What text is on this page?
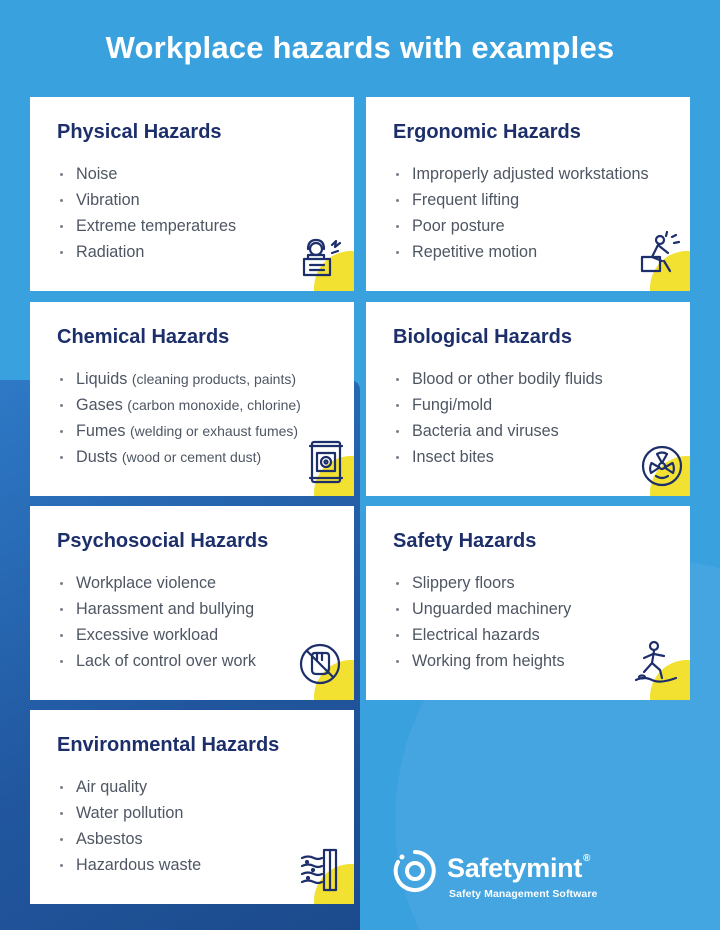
Workplace hazards with examples
Physical Hazards
Noise
Vibration
Extreme temperatures
Radiation
Ergonomic Hazards
Improperly adjusted workstations
Frequent lifting
Poor posture
Repetitive motion
Chemical Hazards
Liquids (cleaning products, paints)
Gases (carbon monoxide, chlorine)
Fumes (welding or exhaust fumes)
Dusts (wood or cement dust)
Biological Hazards
Blood or other bodily fluids
Fungi/mold
Bacteria and viruses
Insect bites
Psychosocial Hazards
Workplace violence
Harassment and bullying
Excessive workload
Lack of control over work
Safety Hazards
Slippery floors
Unguarded machinery
Electrical hazards
Working from heights
Environmental Hazards
Air quality
Water pollution
Asbestos
Hazardous waste	Safetymint®
Safety Management Software
